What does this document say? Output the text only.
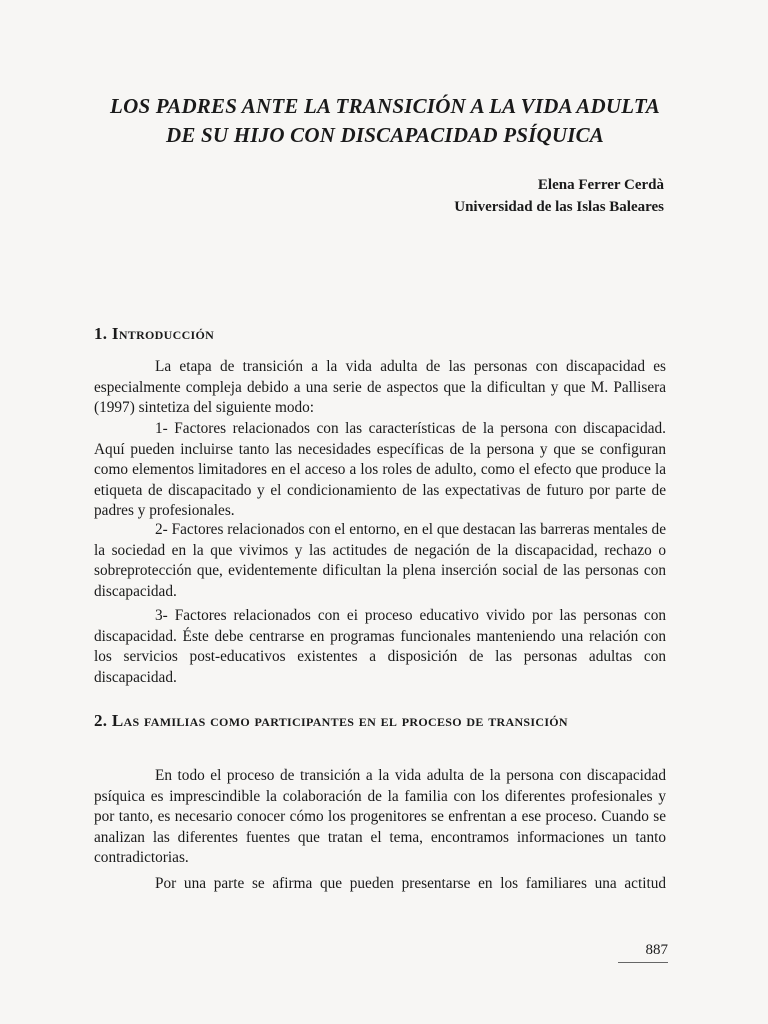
LOS PADRES ANTE LA TRANSICIÓN A LA VIDA ADULTA
DE SU HIJO CON DISCAPACIDAD PSÍQUICA
Elena Ferrer Cerdà
Universidad de las Islas Baleares
1. Introducción

La etapa de transición a la vida adulta de las personas con discapacidad es especialmente compleja debido a una serie de aspectos que la dificultan y que M. Pallisera (1997) sintetiza del siguiente modo:

1- Factores relacionados con las características de la persona con discapacidad. Aquí pueden incluirse tanto las necesidades específicas de la persona y que se configuran como elementos limitadores en el acceso a los roles de adulto, como el efecto que produce la etiqueta de discapacitado y el condicionamiento de las expectativas de futuro por parte de padres y profesionales.

2- Factores relacionados con el entorno, en el que destacan las barreras mentales de la sociedad en la que vivimos y las actitudes de negación de la discapacidad, rechazo o sobreprotección que, evidentemente dificultan la plena inserción social de las personas con discapacidad.

3- Factores relacionados con ei proceso educativo vivido por las personas con discapacidad. Éste debe centrarse en programas funcionales manteniendo una relación con los servicios post-educativos existentes a disposición de las personas adultas con discapacidad.

2. Las familias como participantes en el proceso de transición

En todo el proceso de transición a la vida adulta de la persona con discapacidad psíquica es imprescindible la colaboración de la familia con los diferentes profesionales y por tanto, es necesario conocer cómo los progenitores se enfrentan a ese proceso. Cuando se analizan las diferentes fuentes que tratan el tema, encontramos informaciones un tanto contradictorias.

Por una parte se afirma que pueden presentarse en los familiares una actitud

887
